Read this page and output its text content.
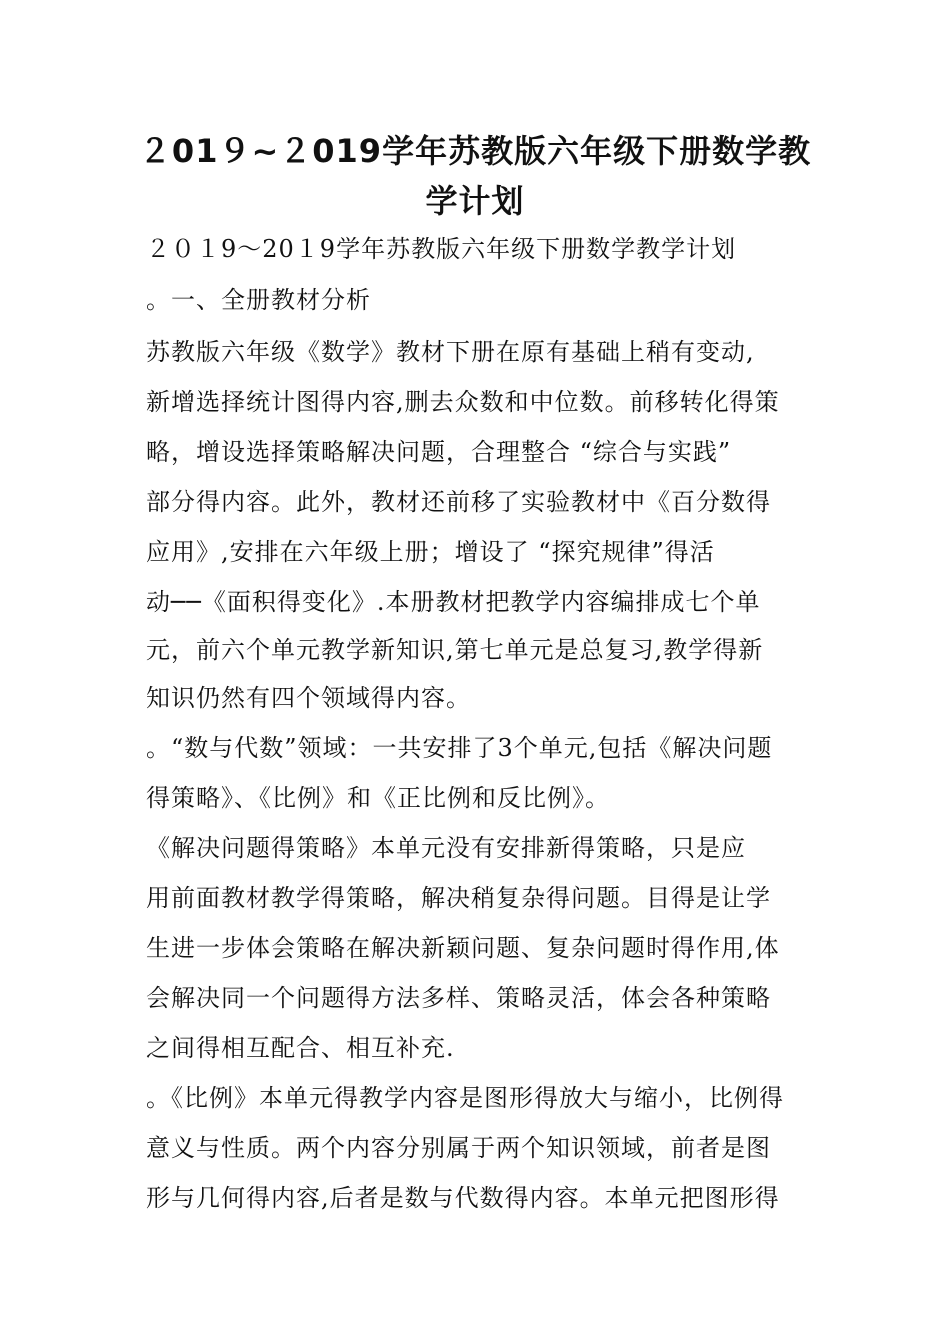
２01９~２019学年苏教版六年级下册数学教
学计划
２０１9～20１9学年苏教版六年级下册数学教学计划
。一、全册教材分析
苏教版六年级《数学》教材下册在原有基础上稍有变动,
新增选择统计图得内容,删去众数和中位数。前移转化得策
略，增设选择策略解决问题，合理整合 “综合与实践”
部分得内容。此外，教材还前移了实验教材中《百分数得
应用》,安排在六年级上册；增设了 “探究规律”得活
动──《面积得变化》.本册教材把教学内容编排成七个单
元，前六个单元教学新知识,第七单元是总复习,教学得新
知识仍然有四个领域得内容。
。“数与代数”领域：一共安排了3个单元,包括《解决问题
得策略》、《比例》和《正比例和反比例》。
《解决问题得策略》本单元没有安排新得策略，只是应
用前面教材教学得策略，解决稍复杂得问题。目得是让学
生进一步体会策略在解决新颖问题、复杂问题时得作用,体
会解决同一个问题得方法多样、策略灵活，体会各种策略
之间得相互配合、相互补充.
。《比例》本单元得教学内容是图形得放大与缩小，比例得
意义与性质。两个内容分别属于两个知识领域，前者是图
形与几何得内容,后者是数与代数得内容。本单元把图形得
